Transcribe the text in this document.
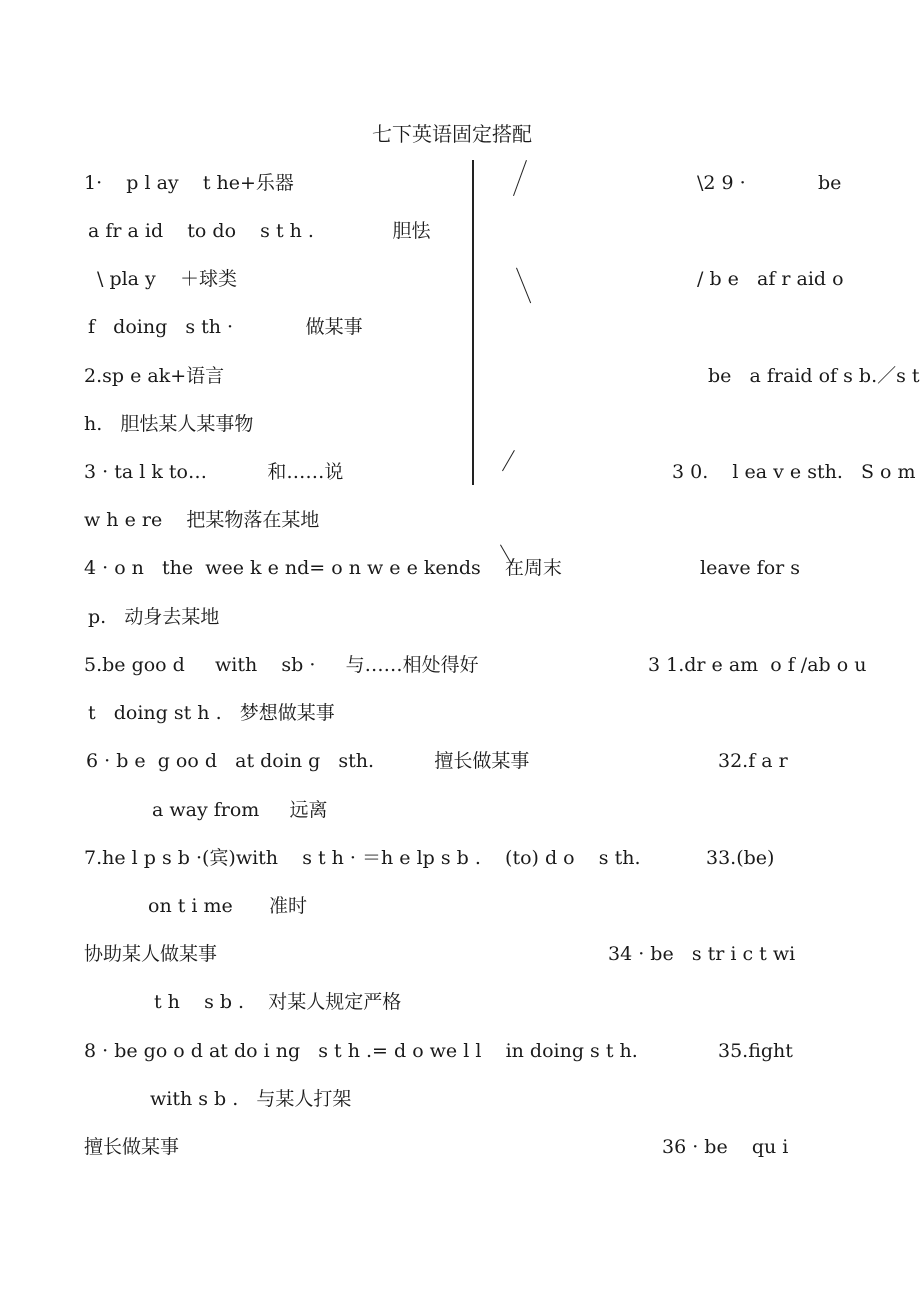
七下英语固定搭配
1·    p l ay    t he+乐器	\2 9 ·	be
a fr a id    to do    s t h .             胆怯
\ pla y    ＋球类	/ b e   af r aid o
f   doing   s th ·            做某事
2.sp e ak+语言	be   a fraid of s b.／s t
h.   胆怯某人某事物
3 · ta l k to…          和……说	3 0.    l ea v e sth.   S o m
w h e re    把某物落在某地
4 · o n   the  wee k e nd= o n w e e kends    在周末	leave for s
p.   动身去某地
5.be goo d     with    sb ·     与……相处得好	3 1.dr e am  o f /ab o u
t   doing st h .   梦想做某事
6 · b e  g oo d   at doin g   sth.          擅长做某事	32.f a r
a way from     远离
7.he l p s b ·(宾)with    s t h · ＝h e lp s b .    (to) d o    s th.	33.(be)
on t i me      准时
协助某人做某事	34 · be   s tr i c t wi
t h    s b .    对某人规定严格
8 · be go o d at do i ng   s t h .= d o we l l    in doing s t h.	35.fight
with s b .   与某人打架
擅长做某事	36 · be    qu i
